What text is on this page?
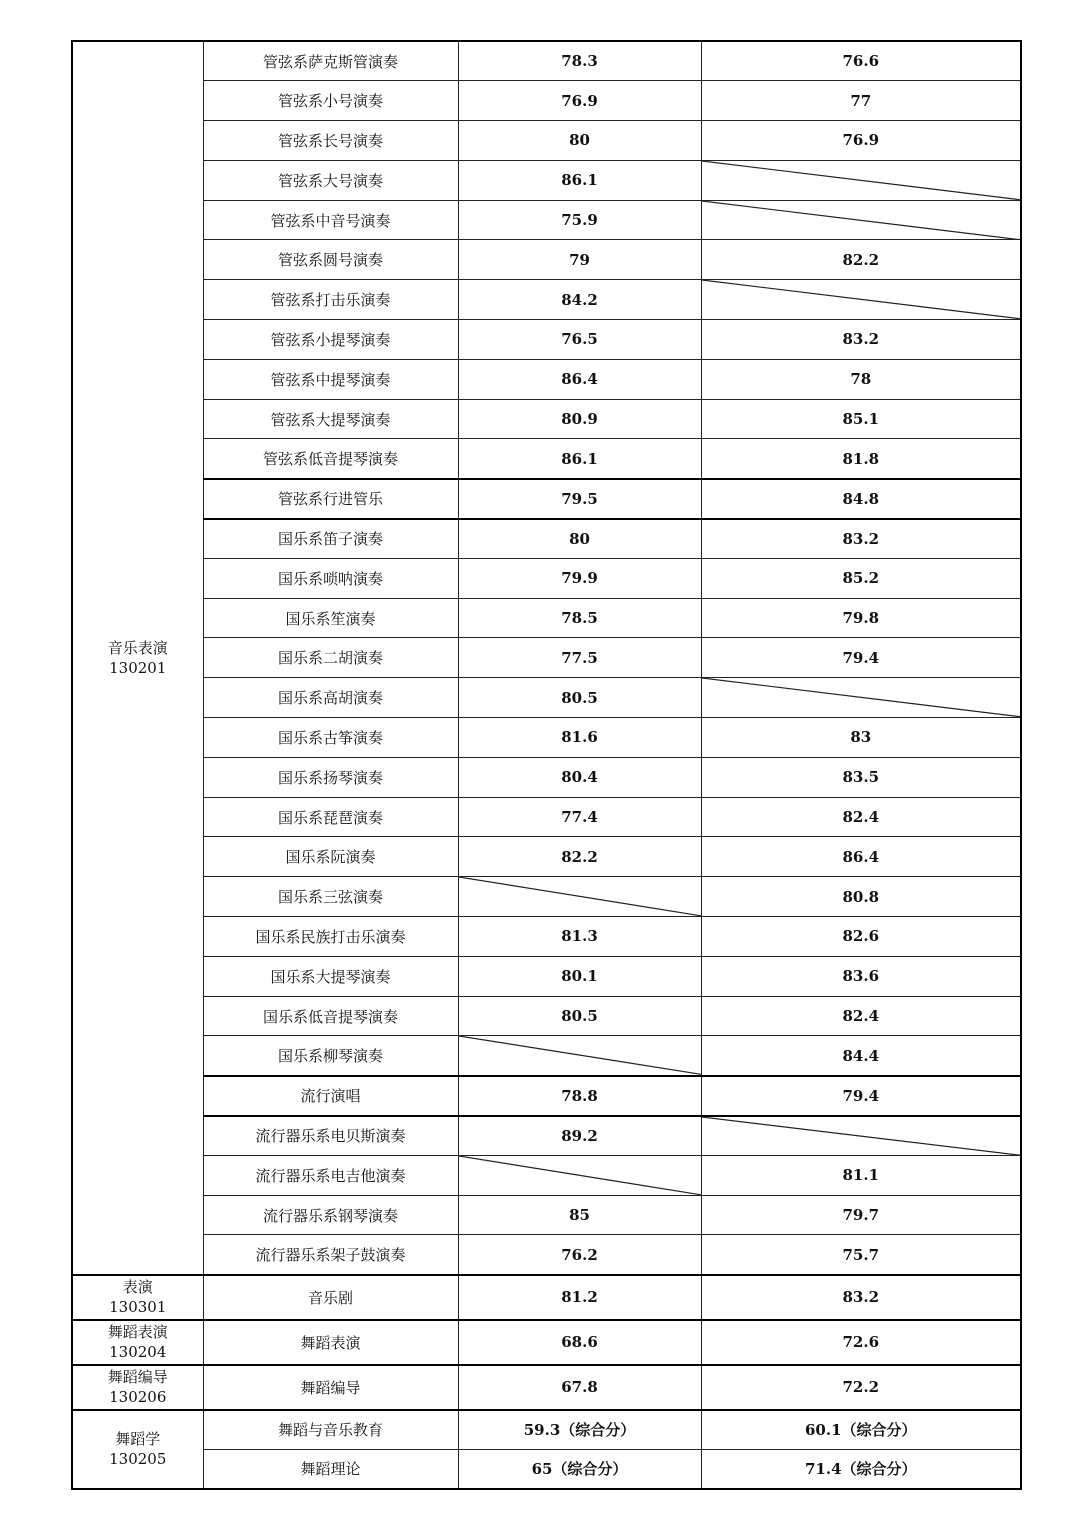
音乐表演
130201	管弦系萨克斯管演奏	78.3	76.6
	管弦系小号演奏	76.9	77
	管弦系长号演奏	80	76.9
	管弦系大号演奏	86.1	

	管弦系中音号演奏	75.9	

	管弦系圆号演奏	79	82.2
	管弦系打击乐演奏	84.2	

	管弦系小提琴演奏	76.5	83.2
	管弦系中提琴演奏	86.4	78
	管弦系大提琴演奏	80.9	85.1
	管弦系低音提琴演奏	86.1	81.8
	管弦系行进管乐	79.5	84.8
	国乐系笛子演奏	80	83.2
	国乐系唢呐演奏	79.9	85.2
	国乐系笙演奏	78.5	79.8
	国乐系二胡演奏	77.5	79.4
	国乐系高胡演奏	80.5	

	国乐系古筝演奏	81.6	83
	国乐系扬琴演奏	80.4	83.5
	国乐系琵琶演奏	77.4	82.4
	国乐系阮演奏	82.2	86.4
	国乐系三弦演奏		80.8
	国乐系民族打击乐演奏	81.3	82.6
	国乐系大提琴演奏	80.1	83.6
	国乐系低音提琴演奏	80.5	82.4
	国乐系柳琴演奏		84.4
	流行演唱	78.8	79.4
	流行器乐系电贝斯演奏	89.2	

	流行器乐系电吉他演奏		81.1
	流行器乐系钢琴演奏	85	79.7
	流行器乐系架子鼓演奏	76.2	75.7

表演
130301	音乐剧	81.2	83.2

舞蹈表演
130204	舞蹈表演	68.6	72.6

舞蹈编导
130206	舞蹈编导	67.8	72.2

舞蹈学
130205	舞蹈与音乐教育	59.3（综合分）	60.1（综合分）
	舞蹈理论	65（综合分）	71.4（综合分）
